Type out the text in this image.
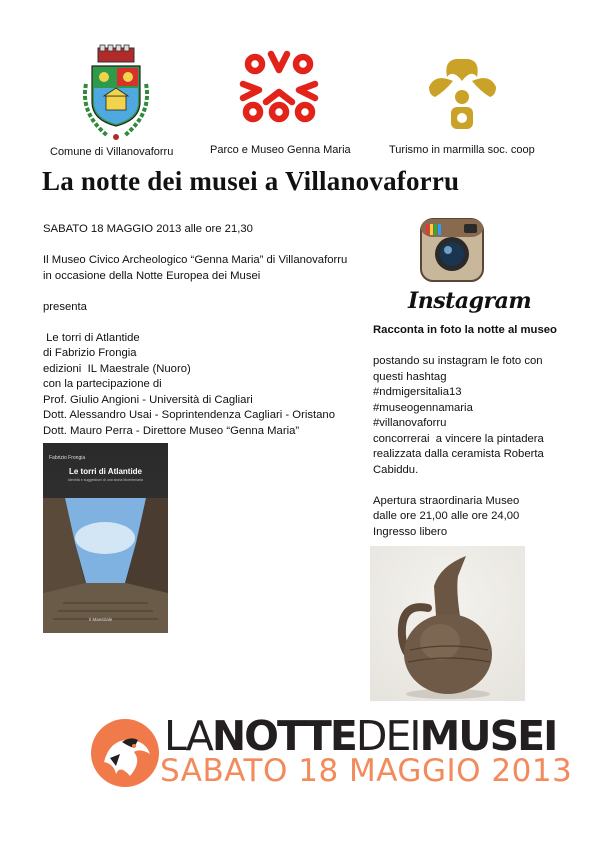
Comune di Villanovaforru	Parco e Museo Genna Maria	Turismo in marmilla soc. coop
La notte dei musei a Villanovaforru
SABATO 18 MAGGIO 2013 alle ore 21,30
Il Museo Civico Archeologico “Genna Maria” di Villanovaforru
in occasione della Notte Europea dei Musei
presenta
Le torri di Atlantide
di Fabrizio Frongia
edizioni  IL Maestrale (Nuoro)
con la partecipazione di
Prof. Giulio Angioni - Università di Cagliari
Dott. Alessandro Usai - Soprintendenza Cagliari - Oristano
Dott. Mauro Perra - Direttore Museo “Genna Maria”
Fabrizio Frongia
Le torri di Atlantide
Identità e suggestioni di una storia bicentenaria
Il Maestrale
Instagram
Racconta in foto la notte al museo
postando su instagram le foto con
questi hashtag
#ndmigersitalia13
#museogennamaria
#villanovaforru
concorrerai  a vincere la pintadera
realizzata dalla ceramista Roberta
Cabiddu.
Apertura straordinaria Museo
dalle ore 21,00 alle ore 24,00
Ingresso libero
LANOTTEDEIMUSEI
SABATO 18 MAGGIO 2013
